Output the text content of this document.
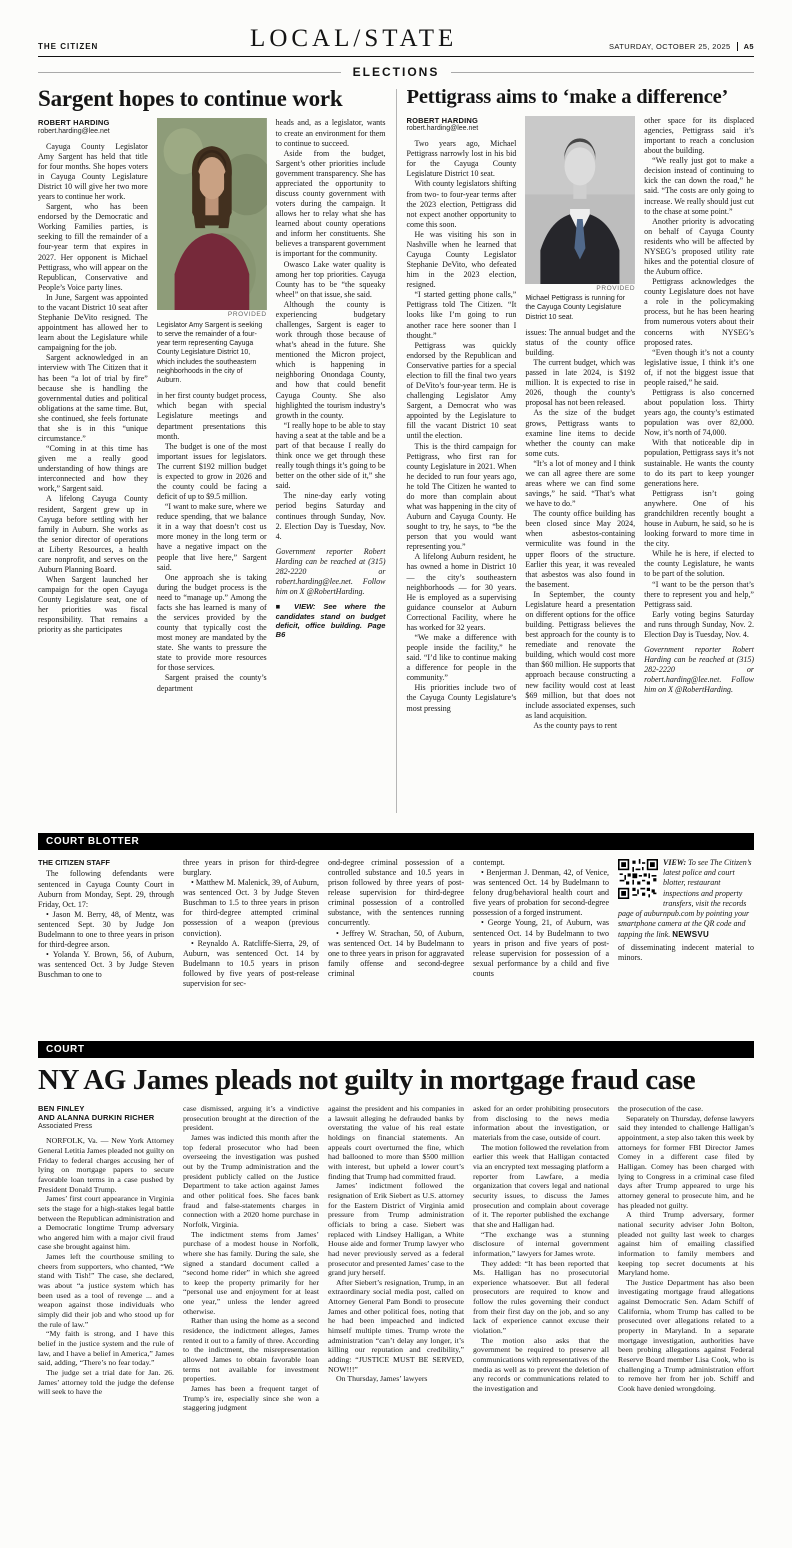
THE CITIZEN	LOCAL/STATE	SATURDAY, OCTOBER 25, 2025 A5
ELECTIONS
Sargent hopes to continue work
ROBERT HARDING
robert.harding@lee.net

Cayuga County Legislator Amy Sargent has held that title for four months. She hopes voters in Cayuga County Legislature District 10 will give her two more years to continue her work.

Sargent, who has been endorsed by the Democratic and Working Families parties, is seeking to fill the remainder of a four-year term that expires in 2027. Her opponent is Michael Pettigrass, who will appear on the Republican, Conservative and People’s Voice party lines.

In June, Sargent was appointed to the vacant District 10 seat after Stephanie DeVito resigned. The appointment has allowed her to learn about the Legislature while campaigning for the job.

Sargent acknowledged in an interview with The Citizen that it has been “a lot of trial by fire” because she is handling the governmental duties and political obligations at the same time. But, she continued, she feels fortunate that she is in this “unique circumstance.”

“Coming in at this time has given me a really good understanding of how things are interconnected and how they work,” Sargent said.

A lifelong Cayuga County resident, Sargent grew up in Cayuga before settling with her family in Auburn. She works as the senior director of operations at Liberty Resources, a health care nonprofit, and serves on the Auburn Planning Board.

When Sargent launched her campaign for the open Cayuga County Legislature seat, one of her priorities was fiscal responsibility. That remains a priority as she participates

PROVIDED
Legislator Amy Sargent is seeking to serve the remainder of a four-year term representing Cayuga County Legislature District 10, which includes the southeastern neighborhoods in the city of Auburn.

in her first county budget process, which began with special Legislature meetings and department presentations this month.

The budget is one of the most important issues for legislators. The current $192 million budget is expected to grow in 2026 and the county could be facing a deficit of up to $9.5 million.

“I want to make sure, where we reduce spending, that we balance it in a way that doesn’t cost us more money in the long term or have a negative impact on the people that live here,” Sargent said.

One approach she is taking during the budget process is the need to “manage up.” Among the facts she has learned is many of the services provided by the county that typically cost the most money are mandated by the state. She wants to pressure the state to provide more resources for those services.

Sargent praised the county’s department

heads and, as a legislator, wants to create an environment for them to continue to succeed.

Aside from the budget, Sargent’s other priorities include government transparency. She has appreciated the opportunity to discuss county government with voters during the campaign. It allows her to relay what she has learned about county operations and inform her constituents. She believes a transparent government is important for the community.

Owasco Lake water quality is among her top priorities. Cayuga County has to be “the squeaky wheel” on that issue, she said.

Although the county is experiencing budgetary challenges, Sargent is eager to work through those because of what’s ahead in the future. She mentioned the Micron project, which is happening in neighboring Onondaga County, and how that could benefit Cayuga County. She also highlighted the tourism industry’s growth in the county.

“I really hope to be able to stay having a seat at the table and be a part of that because I really do think once we get through these really tough things it’s going to be better on the other side of it,” she said.

The nine-day early voting period begins Saturday and continues through Sunday, Nov. 2. Election Day is Tuesday, Nov. 4.

Government reporter Robert Harding can be reached at (315) 282-2220 or robert.harding@lee.net. Follow him on X @RobertHarding.

■ VIEW: See where the candidates stand on budget deficit, office building. Page B6

Pettigrass aims to ‘make a difference’
ROBERT HARDING
robert.harding@lee.net

Two years ago, Michael Pettigrass narrowly lost in his bid for the Cayuga County Legislature District 10 seat.

With county legislators shifting from two- to four-year terms after the 2023 election, Pettigrass did not expect another opportunity to come this soon.

He was visiting his son in Nashville when he learned that Cayuga County Legislator Stephanie DeVito, who defeated him in the 2023 election, resigned.

“I started getting phone calls,” Pettigrass told The Citizen. “It looks like I’m going to run another race here sooner than I thought.”

Pettigrass was quickly endorsed by the Republican and Conservative parties for a special election to fill the final two years of DeVito’s four-year term. He is challenging Legislator Amy Sargent, a Democrat who was appointed by the Legislature to fill the vacant District 10 seat until the election.

This is the third campaign for Pettigrass, who first ran for county Legislature in 2021. When he decided to run four years ago, he told The Citizen he wanted to do more than complain about what was happening in the city of Auburn and Cayuga County. He sought to try, he says, to “be the person that you would want representing you.”

A lifelong Auburn resident, he has owned a home in District 10 — the city’s southeastern neighborhoods — for 30 years. He is employed as a supervising guidance counselor at Auburn Correctional Facility, where he has worked for 32 years.

“We make a difference with people inside the facility,” he said. “I’d like to continue making a difference for people in the community.”

His priorities include two of the Cayuga County Legislature’s most pressing

PROVIDED
Michael Pettigrass is running for the Cayuga County Legislature District 10 seat.

issues: The annual budget and the status of the county office building.

The current budget, which was passed in late 2024, is $192 million. It is expected to rise in 2026, though the county’s proposal has not been released.

As the size of the budget grows, Pettigrass wants to examine line items to decide whether the county can make some cuts.

“It’s a lot of money and I think we can all agree there are some areas where we can find some savings,” he said. “That’s what we have to do.”

The county office building has been closed since May 2024, when asbestos-containing vermiculite was found in the upper floors of the structure. Earlier this year, it was revealed that asbestos was also found in the basement.

In September, the county Legislature heard a presentation on different options for the office building. Pettigrass believes the best approach for the county is to remediate and renovate the building, which would cost more than $60 million. He supports that approach because constructing a new facility would cost at least $69 million, but that does not include associated expenses, such as land acquisition.

As the county pays to rent

other space for its displaced agencies, Pettigrass said it’s important to reach a conclusion about the building.

“We really just got to make a decision instead of continuing to kick the can down the road,” he said. “The costs are only going to increase. We really should just cut to the chase at some point.”

Another priority is advocating on behalf of Cayuga County residents who will be affected by NYSEG’s proposed utility rate hikes and the potential closure of the Auburn office.

Pettigrass acknowledges the county Legislature does not have a role in the policymaking process, but he has been hearing from numerous voters about their concerns with NYSEG’s proposed rates.

“Even though it’s not a county legislative issue, I think it’s one of, if not the biggest issue that people raised,” he said.

Pettigrass is also concerned about population loss. Thirty years ago, the county’s estimated population was over 82,000. Now, it’s north of 74,000.

With that noticeable dip in population, Pettigrass says it’s not sustainable. He wants the county to do its part to keep younger generations here.

Pettigrass isn’t going anywhere. One of his grandchildren recently bought a house in Auburn, he said, so he is looking forward to more time in the city.

While he is here, if elected to the county Legislature, he wants to be part of the solution.

“I want to be the person that’s there to represent you and help,” Pettigrass said.

Early voting begins Saturday and runs through Sunday, Nov. 2. Election Day is Tuesday, Nov. 4.

Government reporter Robert Harding can be reached at (315) 282-2220 or robert.harding@lee.net. Follow him on X @RobertHarding.

COURT BLOTTER
THE CITIZEN STAFF

The following defendants were sentenced in Cayuga County Court in Auburn from Monday, Sept. 29, through Friday, Oct. 17:

• Jason M. Berry, 48, of Mentz, was sentenced Sept. 30 by Judge Jon Budelmann to one to three years in prison for third-degree arson.

• Yolanda Y. Brown, 56, of Auburn, was sentenced Oct. 3 by Judge Steven Buschman to one to

three years in prison for third-degree burglary.

• Matthew M. Malenick, 39, of Auburn, was sentenced Oct. 3 by Judge Steven Buschman to 1.5 to three years in prison for third-degree attempted criminal possession of a weapon (previous conviction).

• Reynaldo A. Ratcliffe-Sierra, 29, of Auburn, was sentenced Oct. 14 by Budelmann to 10.5 years in prison followed by five years of post-release supervision for sec-

ond-degree criminal possession of a controlled substance and 10.5 years in prison followed by three years of post-release supervision for third-degree criminal possession of a controlled substance, with the sentences running concurrently.

• Jeffrey W. Strachan, 50, of Auburn, was sentenced Oct. 14 by Budelmann to one to three years in prison for aggravated family offense and second-degree criminal

contempt.

• Benjerman J. Denman, 42, of Venice, was sentenced Oct. 14 by Budelmann to felony drug/behavioral health court and five years of probation for second-degree possession of a forged instrument.

• George Young, 21, of Auburn, was sentenced Oct. 14 by Budelmann to two years in prison and five years of post-release supervision for possession of a sexual performance by a child and five counts

VIEW: To see The Citizen’s latest police and court blotter, restaurant inspections and property transfers, visit the records page of auburnpub.com by pointing your smartphone camera at the QR code and tapping the link. NEWSVU

of disseminating indecent material to minors.

COURT
NY AG James pleads not guilty in mortgage fraud case
BEN FINLEY
AND ALANNA DURKIN RICHER
Associated Press

NORFOLK, Va. — New York Attorney General Letitia James pleaded not guilty on Friday to federal charges accusing her of lying on mortgage papers to secure favorable loan terms in a case pushed by President Donald Trump.

James’ first court appearance in Virginia sets the stage for a high-stakes legal battle between the Republican administration and a Democratic longtime Trump adversary who angered him with a major civil fraud case she brought against him.

James left the courthouse smiling to cheers from supporters, who chanted, “We stand with Tish!” The case, she declared, was about “a justice system which has been used as a tool of revenge ... and a weapon against those individuals who simply did their job and who stood up for the rule of law.”

“My faith is strong, and I have this belief in the justice system and the rule of law, and I have a belief in America,” James said, adding, “There’s no fear today.”

The judge set a trial date for Jan. 26. James’ attorney told the judge the defense will seek to have the

case dismissed, arguing it’s a vindictive prosecution brought at the direction of the president.

James was indicted this month after the top federal prosecutor who had been overseeing the investigation was pushed out by the Trump administration and the president publicly called on the Justice Department to take action against James and other political foes. She faces bank fraud and false-statements charges in connection with a 2020 home purchase in Norfolk, Virginia.

The indictment stems from James’ purchase of a modest house in Norfolk, where she has family. During the sale, she signed a standard document called a “second home rider” in which she agreed to keep the property primarily for her “personal use and enjoyment for at least one year,” unless the lender agreed otherwise.

Rather than using the home as a second residence, the indictment alleges, James rented it out to a family of three. According to the indictment, the misrepresentation allowed James to obtain favorable loan terms not available for investment properties.

James has been a frequent target of Trump’s ire, especially since she won a staggering judgment

against the president and his companies in a lawsuit alleging he defrauded banks by overstating the value of his real estate holdings on financial statements. An appeals court overturned the fine, which had ballooned to more than $500 million with interest, but upheld a lower court’s finding that Trump had committed fraud.

James’ indictment followed the resignation of Erik Siebert as U.S. attorney for the Eastern District of Virginia amid pressure from Trump administration officials to bring a case. Siebert was replaced with Lindsey Halligan, a White House aide and former Trump lawyer who had never previously served as a federal prosecutor and presented James’ case to the grand jury herself.

After Siebert’s resignation, Trump, in an extraordinary social media post, called on Attorney General Pam Bondi to prosecute James and other political foes, noting that he had been impeached and indicted himself multiple times. Trump wrote the administration “can’t delay any longer, it’s killing our reputation and credibility,” adding: “JUSTICE MUST BE SERVED, NOW!!!”

On Thursday, James’ lawyers

asked for an order prohibiting prosecutors from disclosing to the news media information about the investigation, or materials from the case, outside of court.

The motion followed the revelation from earlier this week that Halligan contacted via an encrypted text messaging platform a reporter from Lawfare, a media organization that covers legal and national security issues, to discuss the James prosecution and complain about coverage of it. The reporter published the exchange that she and Halligan had.

“The exchange was a stunning disclosure of internal government information,” lawyers for James wrote.

They added: “It has been reported that Ms. Halligan has no prosecutorial experience whatsoever. But all federal prosecutors are required to know and follow the rules governing their conduct from their first day on the job, and so any lack of experience cannot excuse their violation.”

The motion also asks that the government be required to preserve all communications with representatives of the media as well as to prevent the deletion of any records or communications related to the investigation and

the prosecution of the case.

Separately on Thursday, defense lawyers said they intended to challenge Halligan’s appointment, a step also taken this week by attorneys for former FBI Director James Comey in a different case filed by Halligan. Comey has been charged with lying to Congress in a criminal case filed days after Trump appeared to urge his attorney general to prosecute him, and he has pleaded not guilty.

A third Trump adversary, former national security adviser John Bolton, pleaded not guilty last week to charges against him of emailing classified information to family members and keeping top secret documents at his Maryland home.

The Justice Department has also been investigating mortgage fraud allegations against Democratic Sen. Adam Schiff of California, whom Trump has called to be prosecuted over allegations related to a property in Maryland. In a separate mortgage investigation, authorities have been probing allegations against Federal Reserve Board member Lisa Cook, who is challenging a Trump administration effort to remove her from her job. Schiff and Cook have denied wrongdoing.
